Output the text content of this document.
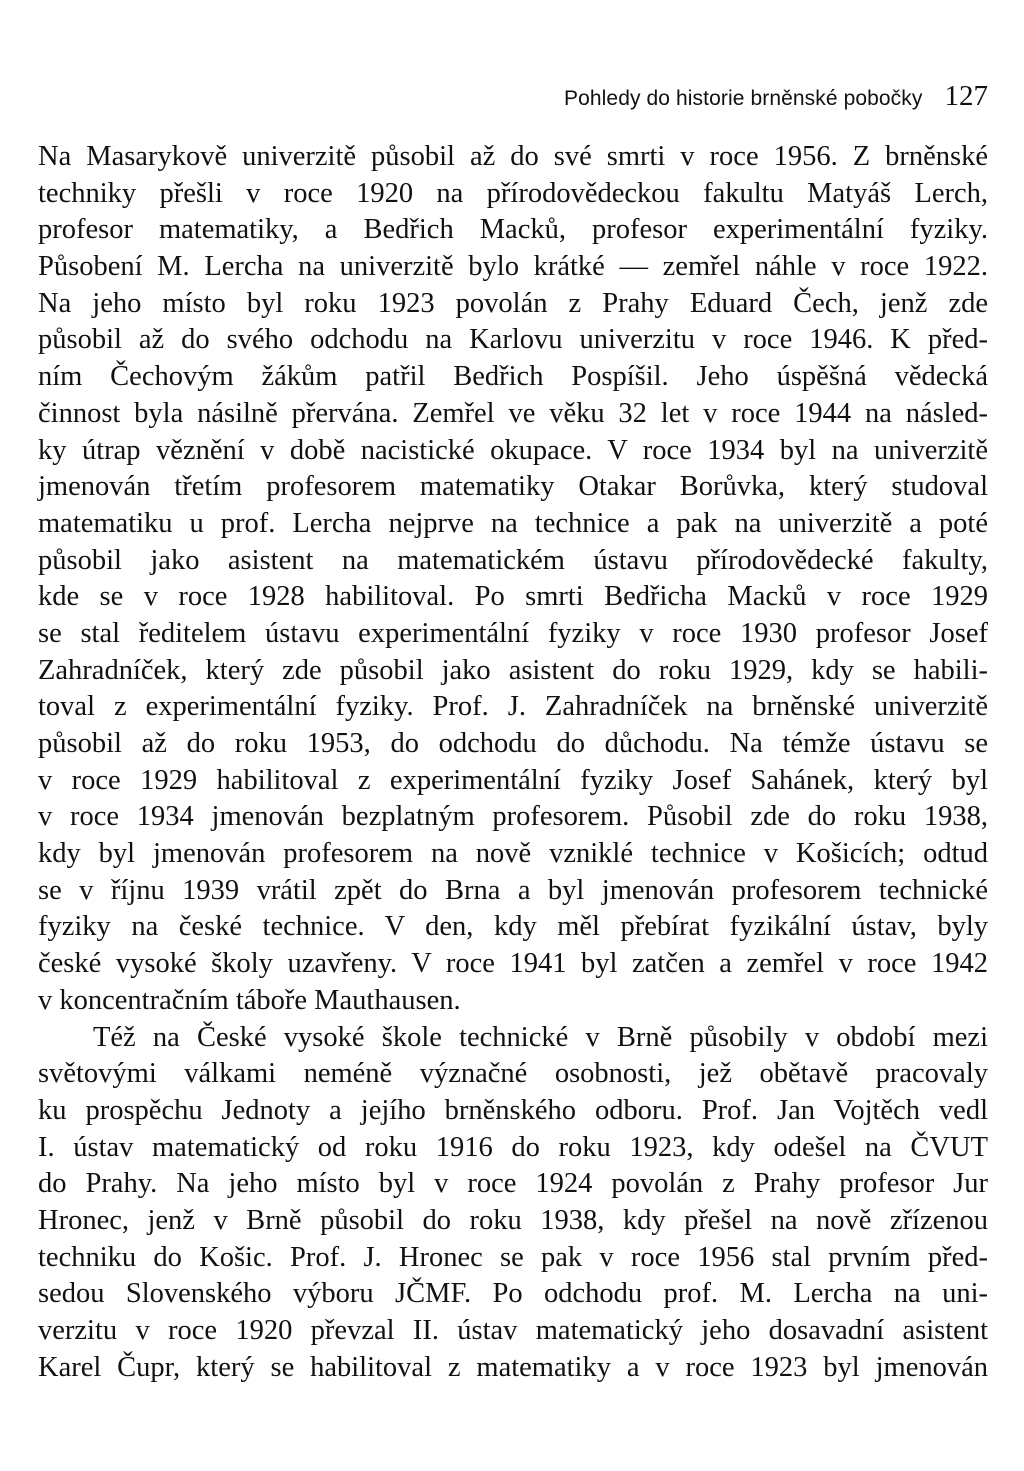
Pohledy do historie brněnské pobočky 127
Na Masarykově univerzitě působil až do své smrti v roce 1956. Z brněnské
techniky přešli v roce 1920 na přírodovědeckou fakultu Matyáš Lerch,
profesor matematiky, a Bedřich Macků, profesor experimentální fyziky.
Působení M. Lercha na univerzitě bylo krátké — zemřel náhle v roce 1922.
Na jeho místo byl roku 1923 povolán z Prahy Eduard Čech, jenž zde
působil až do svého odchodu na Karlovu univerzitu v roce 1946. K před-
ním Čechovým žákům patřil Bedřich Pospíšil. Jeho úspěšná vědecká
činnost byla násilně přervána. Zemřel ve věku 32 let v roce 1944 na násled-
ky útrap věznění v době nacistické okupace. V roce 1934 byl na univerzitě
jmenován třetím profesorem matematiky Otakar Borůvka, který studoval
matematiku u prof. Lercha nejprve na technice a pak na univerzitě a poté
působil jako asistent na matematickém ústavu přírodovědecké fakulty,
kde se v roce 1928 habilitoval. Po smrti Bedřicha Macků v roce 1929
se stal ředitelem ústavu experimentální fyziky v roce 1930 profesor Josef
Zahradníček, který zde působil jako asistent do roku 1929, kdy se habili-
toval z experimentální fyziky. Prof. J. Zahradníček na brněnské univerzitě
působil až do roku 1953, do odchodu do důchodu. Na témže ústavu se
v roce 1929 habilitoval z experimentální fyziky Josef Sahánek, který byl
v roce 1934 jmenován bezplatným profesorem. Působil zde do roku 1938,
kdy byl jmenován profesorem na nově vzniklé technice v Košicích; odtud
se v říjnu 1939 vrátil zpět do Brna a byl jmenován profesorem technické
fyziky na české technice. V den, kdy měl přebírat fyzikální ústav, byly
české vysoké školy uzavřeny. V roce 1941 byl zatčen a zemřel v roce 1942
v koncentračním táboře Mauthausen.
Též na České vysoké škole technické v Brně působily v období mezi
světovými válkami neméně význačné osobnosti, jež obětavě pracovaly
ku prospěchu Jednoty a jejího brněnského odboru. Prof. Jan Vojtěch vedl
I. ústav matematický od roku 1916 do roku 1923, kdy odešel na ČVUT
do Prahy. Na jeho místo byl v roce 1924 povolán z Prahy profesor Jur
Hronec, jenž v Brně působil do roku 1938, kdy přešel na nově zřízenou
techniku do Košic. Prof. J. Hronec se pak v roce 1956 stal prvním před-
sedou Slovenského výboru JČMF. Po odchodu prof. M. Lercha na uni-
verzitu v roce 1920 převzal II. ústav matematický jeho dosavadní asistent
Karel Čupr, který se habilitoval z matematiky a v roce 1923 byl jmenován
